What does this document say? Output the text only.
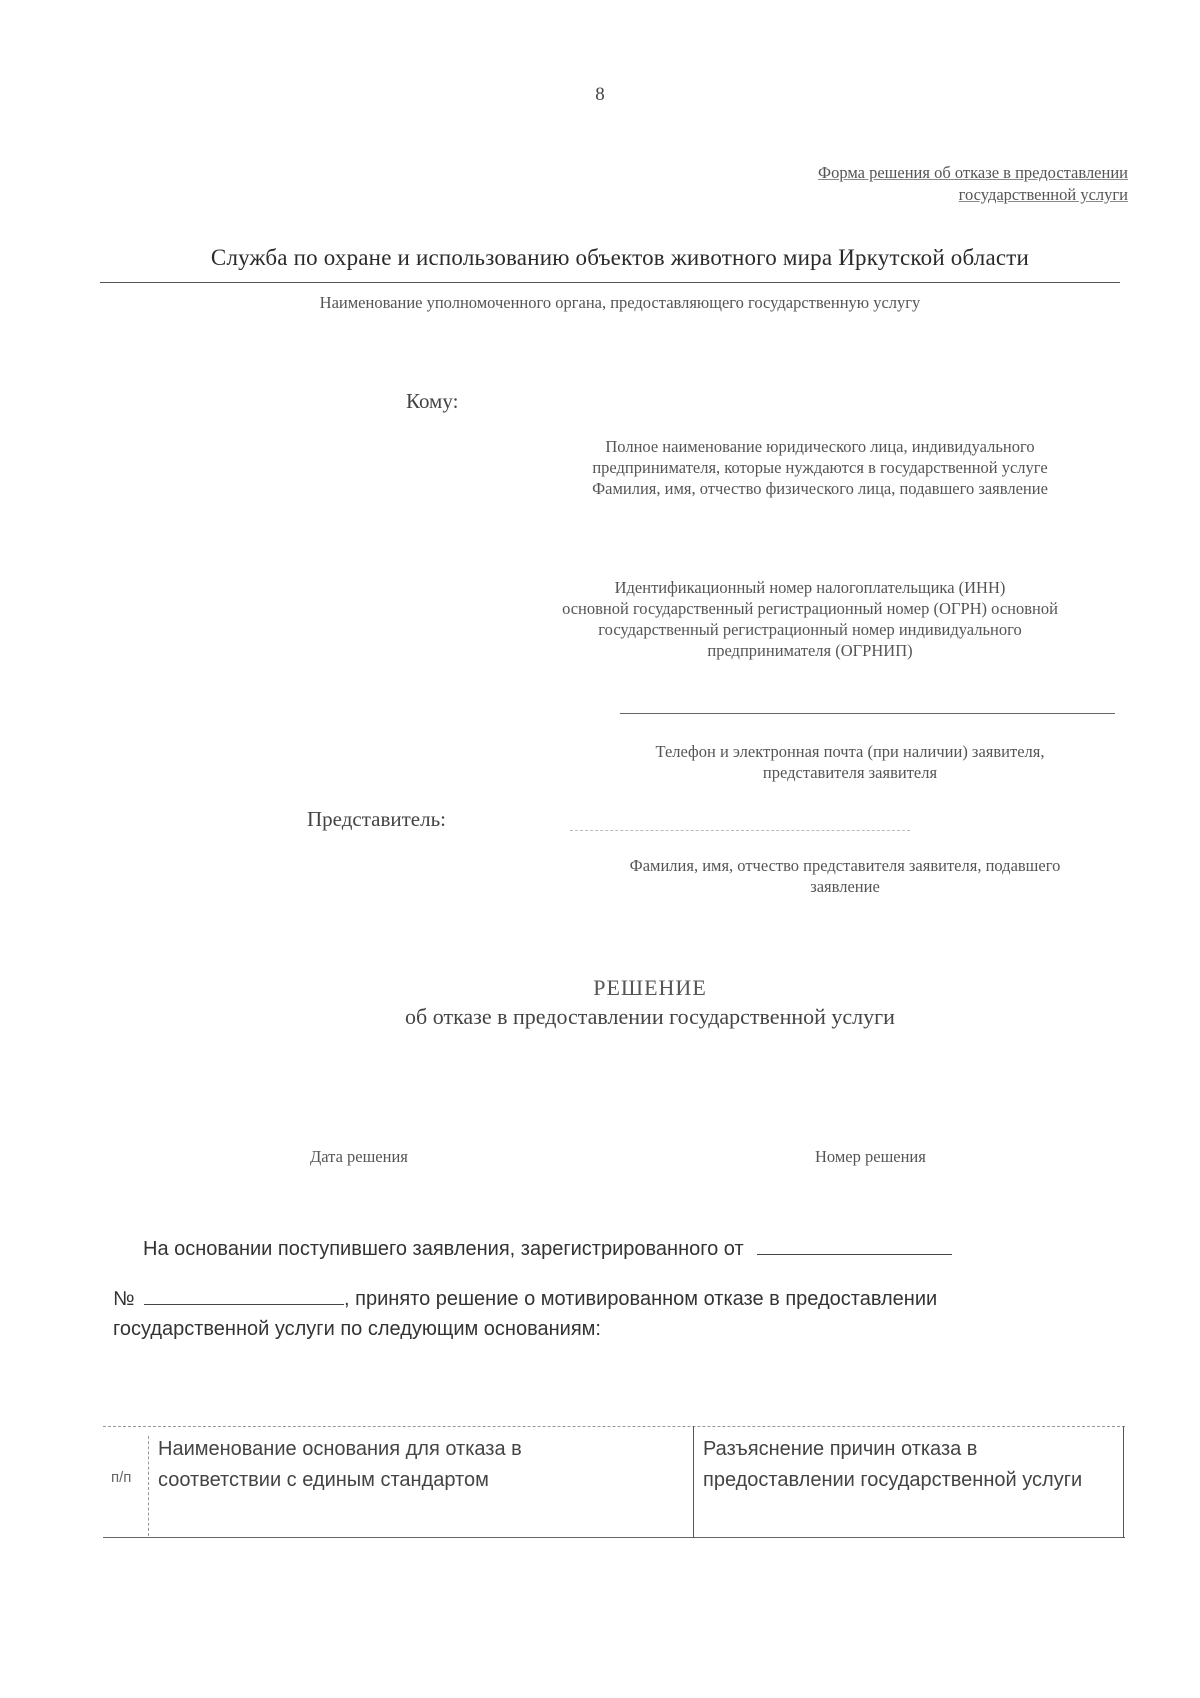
8
Форма решения об отказе в предоставлении
государственной услуги
Служба по охране и использованию объектов животного мира Иркутской области
Наименование уполномоченного органа, предоставляющего государственную услугу
Кому:
Полное наименование юридического лица, индивидуального
предпринимателя, которые нуждаются в государственной услуге
Фамилия, имя, отчество физического лица, подавшего заявление
Идентификационный номер налогоплательщика (ИНН)
основной государственный регистрационный номер (ОГРН) основной
государственный регистрационный номер индивидуального
предпринимателя (ОГРНИП)
Телефон и электронная почта (при наличии) заявителя,
представителя заявителя
Представитель:
Фамилия, имя, отчество представителя заявителя, подавшего
заявление
РЕШЕНИЕ
об отказе в предоставлении государственной услуги
Дата решения	Номер решения
На основании поступившего заявления, зарегистрированного от
№	, принято решение о мотивированном отказе в предоставлении
государственной услуги по следующим основаниям:
п/п
Наименование основания для отказа в соответствии с единым стандартом
Разъяснение причин отказа в предоставлении государственной услуги
